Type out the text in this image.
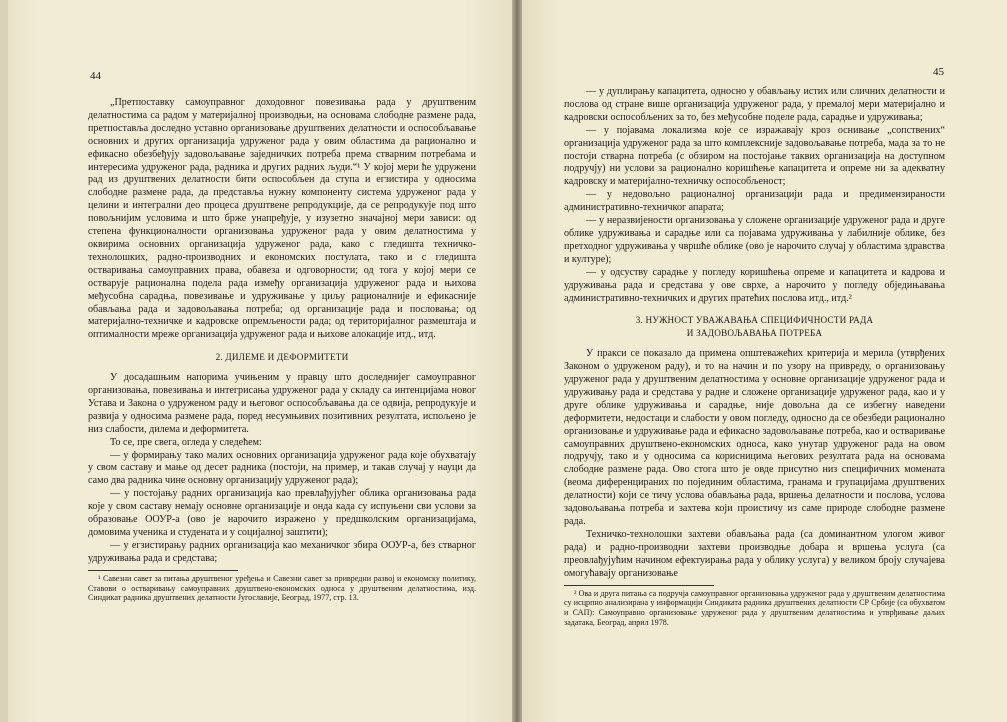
44

„Претпоставку самоуправног доходовног повезивања рада у друштвеним делатностима са радом у материјалној производњи, на основама слободне размене рада, претпоставља доследно уставно организовање друштвених делатности и оспособљавање основних и других организација удруженог рада у овим областима да рационално и ефикасно обезбеђују задовољавање заједничких потреба према стварним потребама и интересима удруженог рада, радника и других радних људи.“¹ У којој мери ће удружени рад из друштвених делатности бити оспособљен да ступа и егзистира у односима слободне размене рада, да представља нужну компоненту система удруженог рада у целини и интегрални део процеса друштвене репродукције, да се репродукује под што повољнијим условима и што брже унапређује, у изузетно значајној мери зависи: од степена функционалности организовања удруженог рада у овим делатностима у оквирима основних организација удруженог рада, како с гледишта техничко-технолошких, радно-производних и економских постулата, тако и с гледишта остваривања самоуправних права, обавеза и одговорности; од тога у којој мери се остварује рационална подела рада између организација удруженог рада и њихова међусобна сарадња, повезивање и удруживање у циљу рационалније и ефикасније обављања рада и задовољавања потреба; од организације рада и пословања; од материјално-техничке и кадровске опремљености рада; од територијалног размештаја и оптималности мреже организација удруженог рада и њихове алокације итд., итд.

2. ДИЛЕМЕ И ДЕФОРМИТЕТИ

У досадашњим напорима учињеним у правцу што доследнијег самоуправног организовања, повезивања и интегрисања удруженог рада у складу са интенцијама новог Устава и Закона о удруженом раду и његовог оспособљавања да се одвија, репродукује и развија у односима размене рада, поред несумњивих позитивних резултата, испољено је низ слабости, дилема и деформитета.

То се, пре свега, огледа у следећем:

— у формирању тако малих основних организација удруженог рада које обухватају у свом саставу и мање од десет радника (постоји, на пример, и такав случај у науци да само два радника чине основну организацију удруженог рада);

— у постојању радних организација као превлађујућег облика организовања рада које у свом саставу немају основне организације и онда када су испуњени сви услови за образовање ООУР-а (ово је нарочито изражено у предшколским организацијама, домовима ученика и студената и у социјалној заштити);

— у егзистирању радних организација као механичког збира ООУР-а, без стварног удруживања рада и средстава;

¹ Савезни савет за питања друштвеног уређења и Савезни савет за привредни развој и економску политику, Ставови о остваривању самоуправних друштвено-економских односа у друштвеним делатностима, изд. Синдикат радника друштвених делатности Југославије, Београд, 1977, стр. 13.

45

— у дуплирању капацитета, односно у обављању истих или сличних делатности и послова од стране више организација удруженог рада, у премалој мери материјално и кадровски оспособљених за то, без међусобне поделе рада, сарадње и удруживања;

— у појавама локализма које се изражавају кроз оснивање „сопствених“ организација удруженог рада за што комплексније задовољавање потреба, мада за то не постоји стварна потреба (с обзиром на постојање таквих организација на доступном подручју) ни услови за рационално коришћење капацитета и опреме ни за адекватну кадровску и материјално-техничку оспособљеност;

— у недовољно рационалној организацији рада и предимензираности административно-техничког апарата;

— у неразвијености организовања у сложене организације удруженог рада и друге облике удруживања и сарадње или са појавама удруживања у лабилније облике, без претходног удруживања у чвршће облике (ово је нарочито случај у областима здравства и културе);

— у одсуству сарадње у погледу коришћења опреме и капацитета и кадрова и удруживања рада и средстава у ове сврхе, а нарочито у погледу обједињавања административно-техничких и других пратећих послова итд., итд.²

3. НУЖНОСТ УВАЖАВАЊА СПЕЦИФИЧНОСТИ РАДА
И ЗАДОВОЉАВАЊА ПОТРЕБА

У пракси се показало да примена општеважећих критерија и мерила (утврђених Законом о удруженом раду), и то на начин и по узору на привреду, о организовању удруженог рада у друштвеним делатностима у основне организације удруженог рада и удруживању рада и средстава у радне и сложене организације удруженог рада, као и у друге облике удруживања и сарадње, није довољна да се избегну наведени деформитети, недостаци и слабости у овом погледу, односно да се обезбеди рационално организовање и удруживање рада и ефикасно задовољавање потреба, као и остваривање самоуправних друштвено-економских односа, како унутар удруженог рада на овом подручју, тако и у односима са корисницима његових резултата рада на основама слободне размене рада. Ово стога што је овде присутно низ специфичних момената (веома диференцираних по појединим областима, гранама и групацијама друштвених делатности) који се тичу услова обављања рада, вршења делатности и послова, услова задовољавања потреба и захтева који проистичу из саме природе слободне размене рада.

Техничко-технолошки захтеви обављања рада (са доминантном улогом живог рада) и радно-производни захтеви производње добара и вршења услуга (са преовлађујућим начином ефектуирања рада у облику услуга) у великом броју случајева омогућавају организовање

² Ова и друга питања са подручја самоуправног организовања удруженог рада у друштвеним делатностима су исцрпно анализирана у информацији Синдиката радника друштвених делатности СР Србије (са обухватом и САП): Самоуправно организовање удруженог рада у друштвеним делатностима и утврђивање даљих задатака, Београд, април 1978.
